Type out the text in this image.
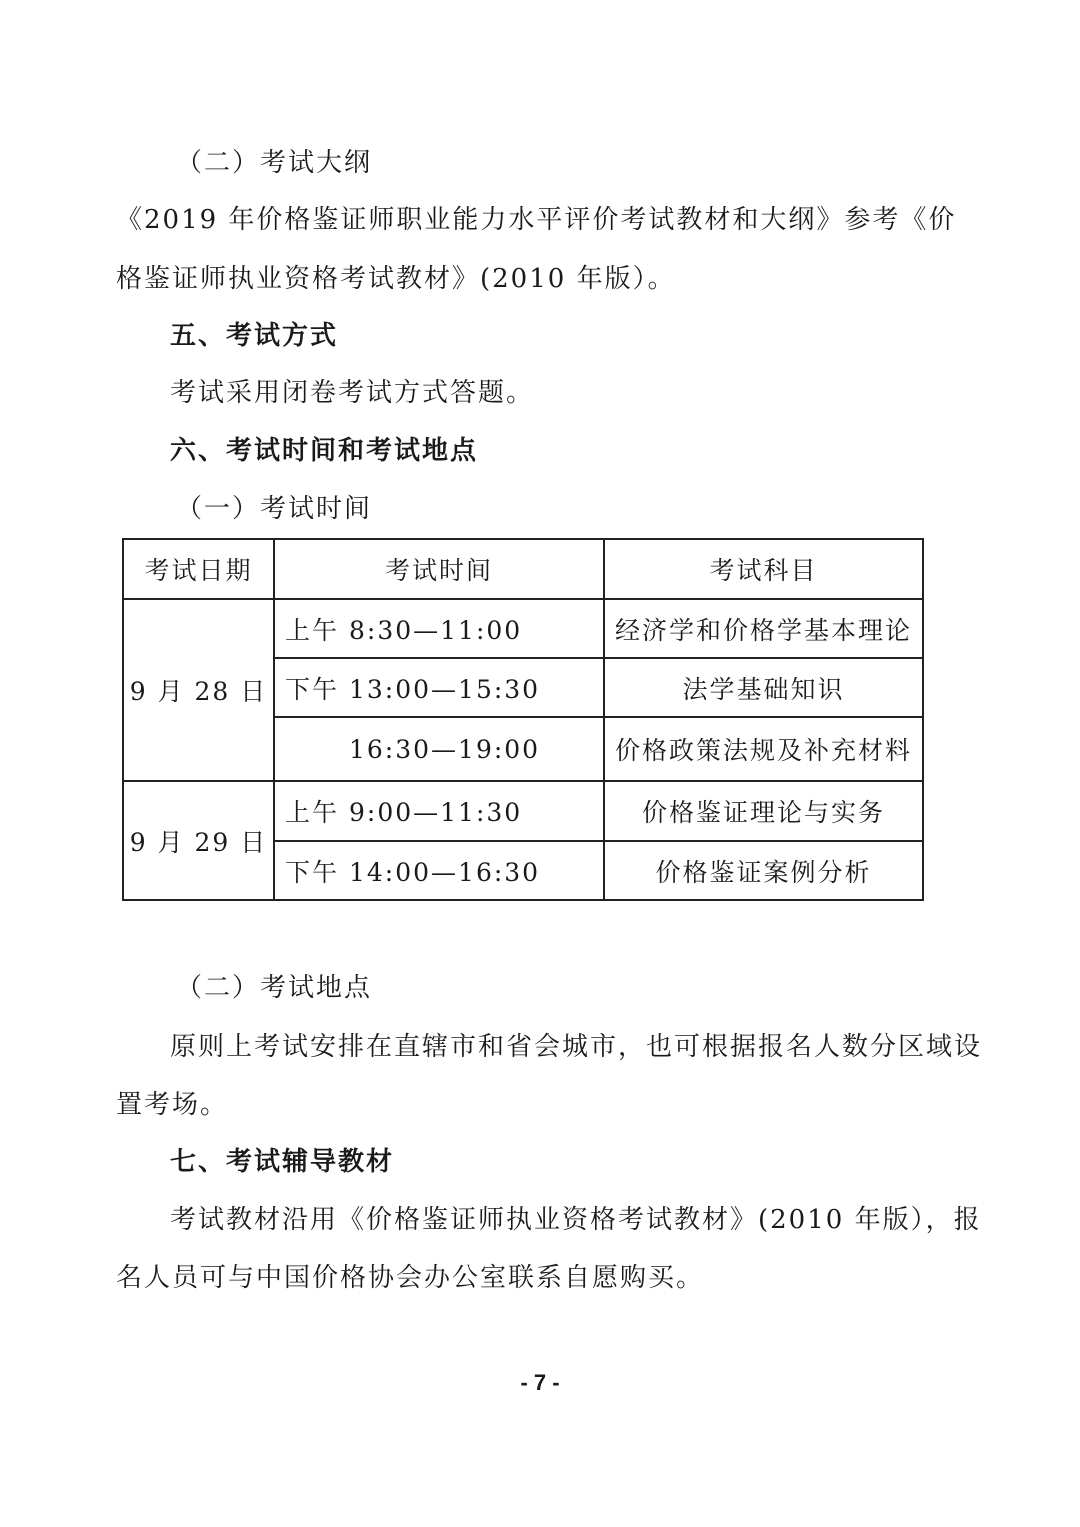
（二）考试大纲
《2019 年价格鉴证师职业能力水平评价考试教材和大纲》参考《价
格鉴证师执业资格考试教材》(2010 年版）。
五、考试方式
考试采用闭卷考试方式答题。
六、考试时间和考试地点
（一）考试时间
考试日期	考试时间	考试科目
9 月 28 日	上午 8:30—11:00	经济学和价格学基本理论
	下午 13:00—15:30	法学基础知识
	16:30—19:00	价格政策法规及补充材料
9 月 29 日	上午 9:00—11:30	价格鉴证理论与实务
	下午 14:00—16:30	价格鉴证案例分析
（二）考试地点
原则上考试安排在直辖市和省会城市，也可根据报名人数分区域设
置考场。
七、考试辅导教材
考试教材沿用《价格鉴证师执业资格考试教材》(2010 年版），报
名人员可与中国价格协会办公室联系自愿购买。
- 7 -
